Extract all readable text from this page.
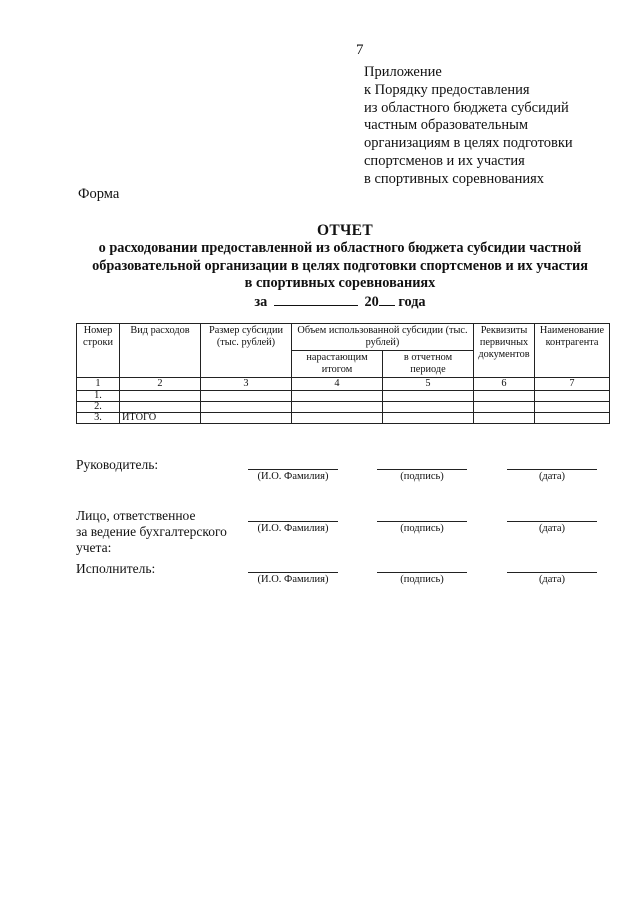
7
Приложение
к Порядку предоставления
из областного бюджета субсидий
частным образовательным
организациям в целях подготовки
спортсменов и их участия
в спортивных соревнованиях
Форма
ОТЧЕТ
о расходовании предоставленной из областного бюджета субсидии частной
образовательной организации в целях подготовки спортсменов и их участия
в спортивных соревнованиях
за	20 года
Номер строки	Вид расходов	Размер субсидии (тыс. рублей)	Объем использованной субсидии (тыс. рублей)		Реквизиты первичных документов	Наименование контрагента
			нарастающим итогом	в отчетном периоде		
1	2	3	4	5	6	7
1.						
2.						
3.	ИТОГО					
Руководитель:
(И.О. Фамилия)	(подпись)	(дата)
Лицо, ответственное
за ведение бухгалтерского
учета:
(И.О. Фамилия)	(подпись)	(дата)
Исполнитель:
(И.О. Фамилия)	(подпись)	(дата)
